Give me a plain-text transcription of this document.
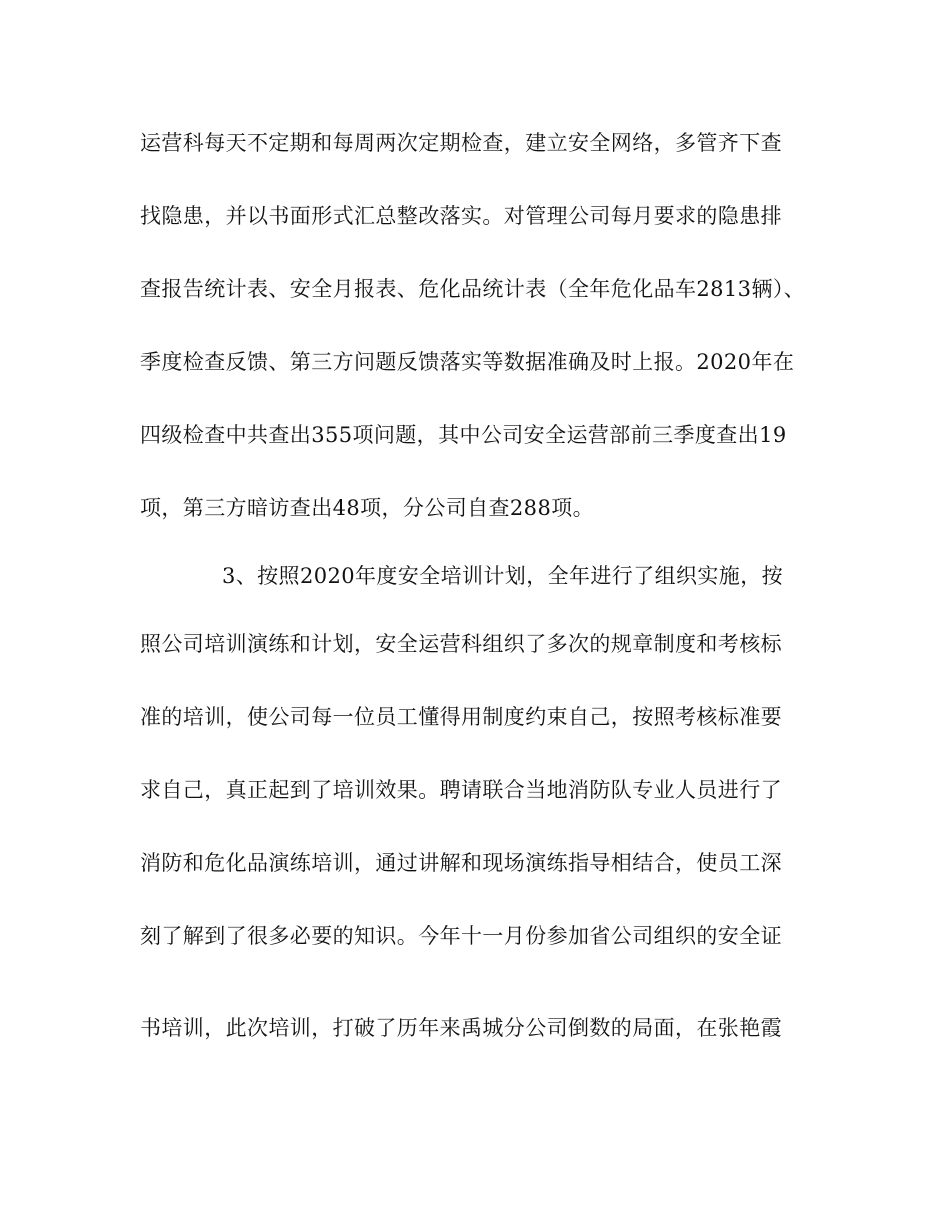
运营科每天不定期和每周两次定期检查，建立安全网络，多管齐下查
找隐患，并以书面形式汇总整改落实。对管理公司每月要求的隐患排
查报告统计表、安全月报表、危化品统计表（全年危化品车2813辆）、
季度检查反馈、第三方问题反馈落实等数据准确及时上报。2020年在
四级检查中共查出355项问题，其中公司安全运营部前三季度查出19
项，第三方暗访查出48项，分公司自查288项。
3、按照2020年度安全培训计划，全年进行了组织实施，按
照公司培训演练和计划，安全运营科组织了多次的规章制度和考核标
准的培训，使公司每一位员工懂得用制度约束自己，按照考核标准要
求自己，真正起到了培训效果。聘请联合当地消防队专业人员进行了
消防和危化品演练培训，通过讲解和现场演练指导相结合，使员工深
刻了解到了很多必要的知识。今年十一月份参加省公司组织的安全证
书培训，此次培训，打破了历年来禹城分公司倒数的局面，在张艳霞
